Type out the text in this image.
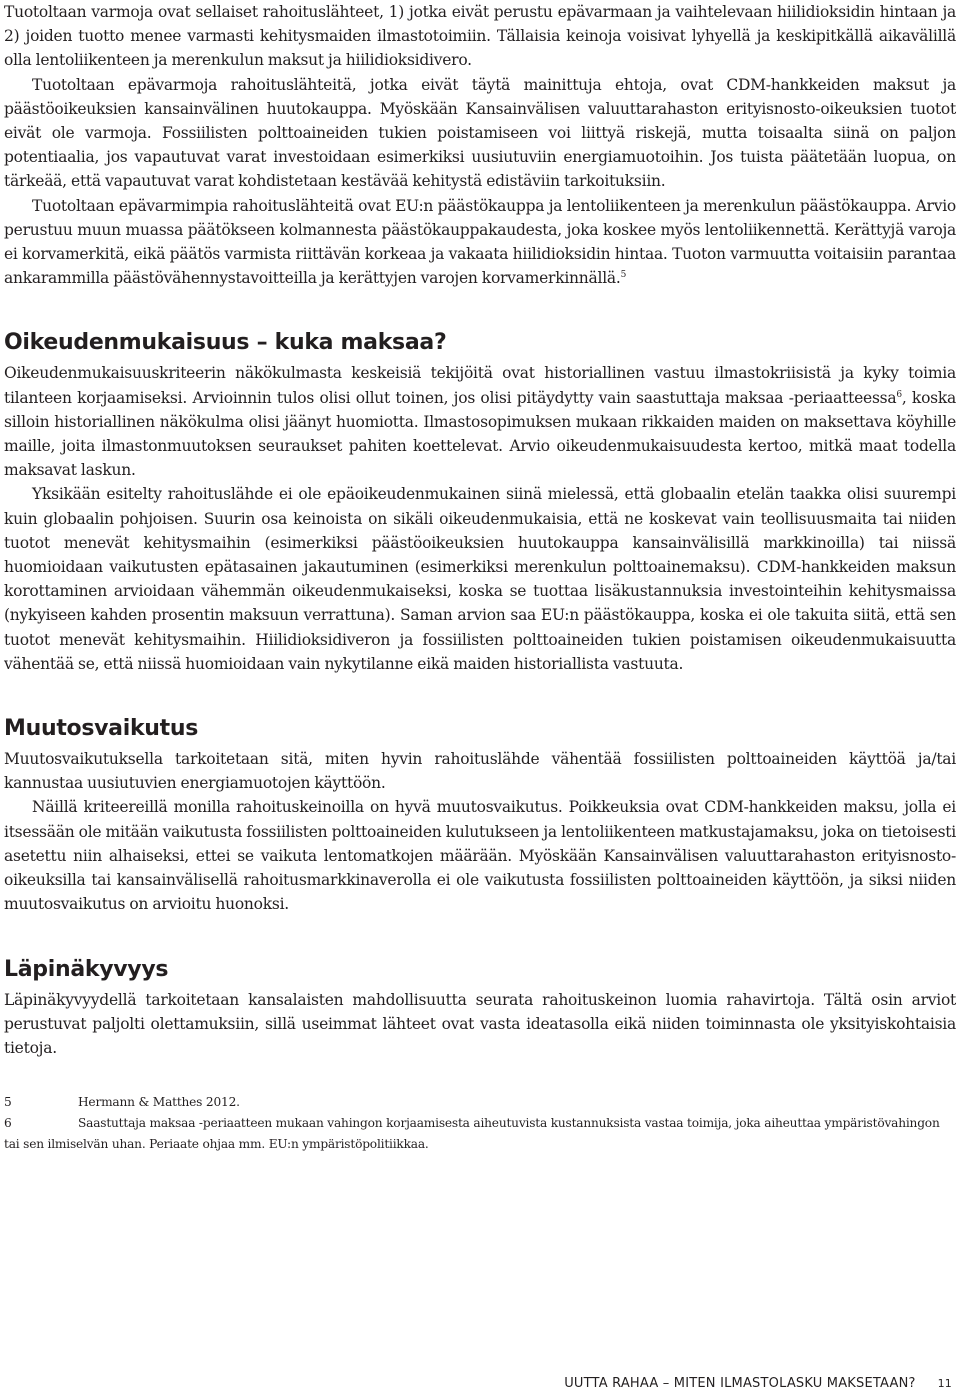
Tuotoltaan varmoja ovat sellaiset rahoituslähteet, 1) jotka eivät perustu epävarmaan ja vaihtelevaan hiilidioksidin hintaan ja 2) joiden tuotto menee varmasti kehitysmaiden ilmastotoimiin. Tällaisia keinoja voisivat lyhyellä ja keskipitkällä aikavälillä olla lentoliikenteen ja merenkulun maksut ja hiilidioksidivero.

Tuotoltaan epävarmoja rahoituslähteitä, jotka eivät täytä mainittuja ehtoja, ovat CDM-hankkeiden maksut ja päästöoikeuksien kansainvälinen huutokauppa. Myöskään Kansainvälisen valuuttarahaston erityisnosto-oikeuksien tuotot eivät ole varmoja. Fossiilisten polttoaineiden tukien poistamiseen voi liittyä riskejä, mutta toisaalta siinä on paljon potentiaalia, jos vapautuvat varat investoidaan esimerkiksi uusiutuviin energiamuotoihin. Jos tuista päätetään luopua, on tärkeää, että vapautuvat varat kohdistetaan kestävää kehitystä edistäviin tarkoituksiin.

Tuotoltaan epävarmimpia rahoituslähteitä ovat EU:n päästökauppa ja lentoliikenteen ja merenkulun päästökauppa. Arvio perustuu muun muassa päätökseen kolmannesta päästökauppakaudesta, joka koskee myös lentoliikennettä. Kerättyjä varoja ei korvamerkitä, eikä päätös varmista riittävän korkeaa ja vakaata hiilidioksidin hintaa. Tuoton varmuutta voitaisiin parantaa ankarammilla päästövähennystavoitteilla ja kerättyjen varojen korvamerkinnällä.$^5$

Oikeudenmukaisuus – kuka maksaa?

Oikeudenmukaisuuskriteerin näkökulmasta keskeisiä tekijöitä ovat historiallinen vastuu ilmastokriisistä ja kyky toimia tilanteen korjaamiseksi. Arvioinnin tulos olisi ollut toinen, jos olisi pitäydytty vain saastuttaja maksaa -periaatteessa$^6$, koska silloin historiallinen näkökulma olisi jäänyt huomiotta. Ilmastosopimuksen mukaan rikkaiden maiden on maksettava köyhille maille, joita ilmastonmuutoksen seuraukset pahiten koettelevat. Arvio oikeudenmukaisuudesta kertoo, mitkä maat todella maksavat laskun.

Yksikään esitelty rahoituslähde ei ole epäoikeudenmukainen siinä mielessä, että globaalin etelän taakka olisi suurempi kuin globaalin pohjoisen. Suurin osa keinoista on sikäli oikeudenmukaisia, että ne koskevat vain teollisuusmaita tai niiden tuotot menevät kehitysmaihin (esimerkiksi päästöoikeuksien huutokauppa kansainvälisillä markkinoilla) tai niissä huomioidaan vaikutusten epätasainen jakautuminen (esimerkiksi merenkulun polttoainemaksu). CDM-hankkeiden maksun korottaminen arvioidaan vähemmän oikeudenmukaiseksi, koska se tuottaa lisäkustannuksia investointeihin kehitysmaissa (nykyiseen kahden prosentin maksuun verrattuna). Saman arvion saa EU:n päästökauppa, koska ei ole takuita siitä, että sen tuotot menevät kehitysmaihin. Hiilidioksidiveron ja fossiilisten polttoaineiden tukien poistamisen oikeudenmukaisuutta vähentää se, että niissä huomioidaan vain nykytilanne eikä maiden historiallista vastuuta.

Muutosvaikutus

Muutosvaikutuksella tarkoitetaan sitä, miten hyvin rahoituslähde vähentää fossiilisten polttoaineiden käyttöä ja/tai kannustaa uusiutuvien energiamuotojen käyttöön.

Näillä kriteereillä monilla rahoituskeinoilla on hyvä muutosvaikutus. Poikkeuksia ovat CDM-hankkeiden maksu, jolla ei itsessään ole mitään vaikutusta fossiilisten polttoaineiden kulutukseen ja lentoliikenteen matkustajamaksu, joka on tietoisesti asetettu niin alhaiseksi, ettei se vaikuta lentomatkojen määrään. Myöskään Kansainvälisen valuuttarahaston erityisnosto-oikeuksilla tai kansainvälisellä rahoitusmarkkinaverolla ei ole vaikutusta fossiilisten polttoaineiden käyttöön, ja siksi niiden muutosvaikutus on arvioitu huonoksi.

Läpinäkyvyys

Läpinäkyvyydellä tarkoitetaan kansalaisten mahdollisuutta seurata rahoituskeinon luomia rahavirtoja. Tältä osin arviot perustuvat paljolti olettamuksiin, sillä useimmat lähteet ovat vasta ideatasolla eikä niiden toiminnasta ole yksityiskohtaisia tietoja.

5	Hermann & Matthes 2012.

6	Saastuttaja maksaa -periaatteen mukaan vahingon korjaamisesta aiheutuvista kustannuksista vastaa toimija, joka aiheuttaa ympäristövahingon tai sen ilmiselvän uhan. Periaate ohjaa mm. EU:n ympäristöpolitiikkaa.

UUTTA RAHAA – MITEN ILMASTOLASKU MAKSETAAN? 11
